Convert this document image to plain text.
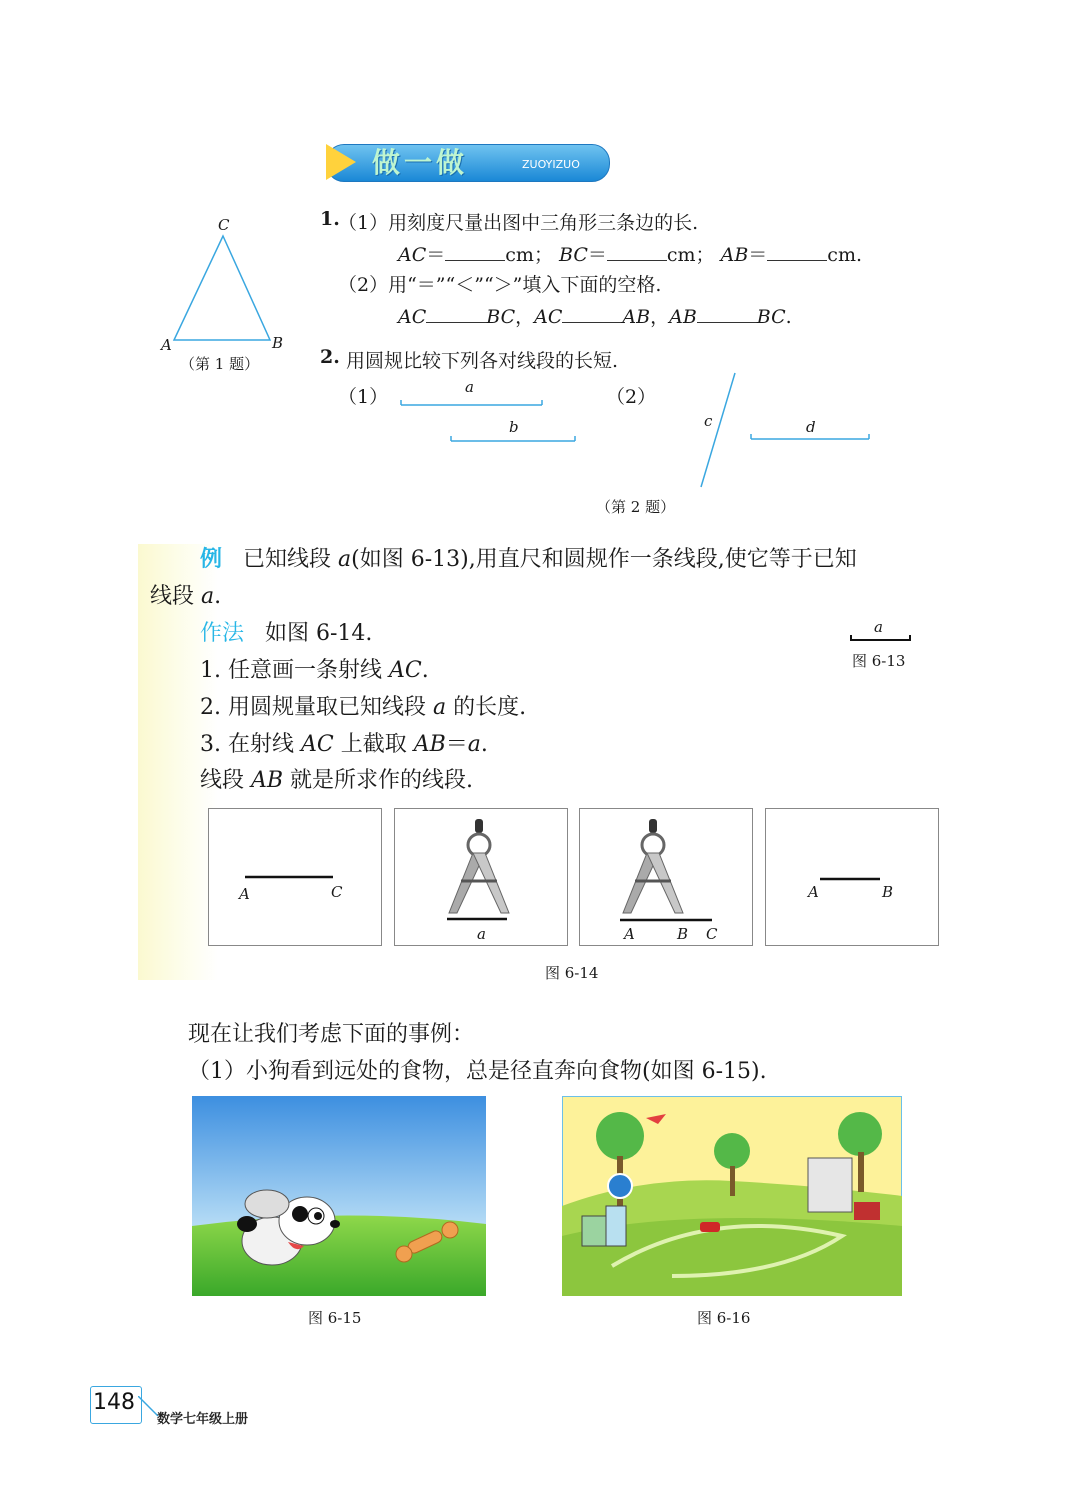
做一做	ZUOYIZUO
C
A	B
（第 1 题）
1.
（1）用刻度尺量出图中三角形三条边的长.
AC＝	cm； BC＝	cm； AB＝	cm.
（2）用“＝”“＜”“＞”填入下面的空格.
AC	BC，AC	AB，AB	BC.
2. 用圆规比较下列各对线段的长短.
（1）	（2）
a
b	c	d
（第 2 题）
例 已知线段 a(如图 6-13),用直尺和圆规作一条线段,使它等于已知
线段 a.
作法 如图 6-14.
1. 任意画一条射线 AC.
2. 用圆规量取已知线段 a 的长度.
3. 在射线 AC 上截取 AB＝a.
线段 AB 就是所求作的线段.
a
图 6-13
A	C
a	A	B C
A	B
图 6-14
现在让我们考虑下面的事例：
（1）小狗看到远处的食物，总是径直奔向食物(如图 6-15).
图 6-15	图 6-16
148
数学七年级上册
